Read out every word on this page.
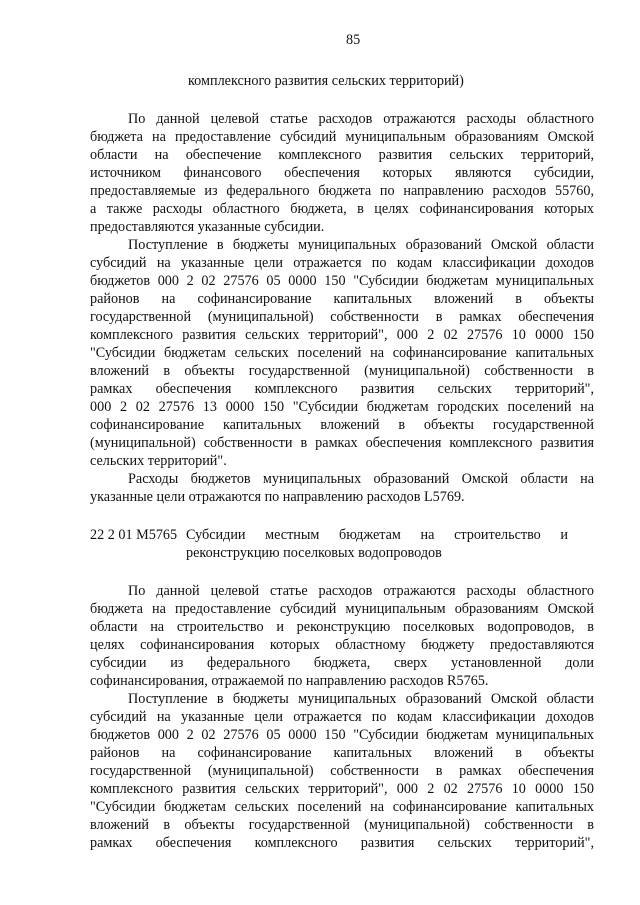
85
комплексного развития сельских территорий)
По данной целевой статье расходов отражаются расходы областного
бюджета на предоставление субсидий муниципальным образованиям Омской
области на обеспечение комплексного развития сельских территорий,
источником финансового обеспечения которых являются субсидии,
предоставляемые из федерального бюджета по направлению расходов 55760,
а также расходы областного бюджета, в целях софинансирования которых
предоставляются указанные субсидии.
Поступление в бюджеты муниципальных образований Омской области
субсидий на указанные цели отражается по кодам классификации доходов
бюджетов 000 2 02 27576 05 0000 150 "Субсидии бюджетам муниципальных
районов на софинансирование капитальных вложений в объекты
государственной (муниципальной) собственности в рамках обеспечения
комплексного развития сельских территорий", 000 2 02 27576 10 0000 150
"Субсидии бюджетам сельских поселений на софинансирование капитальных
вложений в объекты государственной (муниципальной) собственности в
рамках обеспечения комплексного развития сельских территорий",
000 2 02 27576 13 0000 150 "Субсидии бюджетам городских поселений на
софинансирование капитальных вложений в объекты государственной
(муниципальной) собственности в рамках обеспечения комплексного развития
сельских территорий".
Расходы бюджетов муниципальных образований Омской области на
указанные цели отражаются по направлению расходов L5769.
22 2 01 M5765 Субсидии местным бюджетам на строительство и
реконструкцию поселковых водопроводов
По данной целевой статье расходов отражаются расходы областного
бюджета на предоставление субсидий муниципальным образованиям Омской
области на строительство и реконструкцию поселковых водопроводов, в
целях софинансирования которых областному бюджету предоставляются
субсидии из федерального бюджета, сверх установленной доли
софинансирования, отражаемой по направлению расходов R5765.
Поступление в бюджеты муниципальных образований Омской области
субсидий на указанные цели отражается по кодам классификации доходов
бюджетов 000 2 02 27576 05 0000 150 "Субсидии бюджетам муниципальных
районов на софинансирование капитальных вложений в объекты
государственной (муниципальной) собственности в рамках обеспечения
комплексного развития сельских территорий", 000 2 02 27576 10 0000 150
"Субсидии бюджетам сельских поселений на софинансирование капитальных
вложений в объекты государственной (муниципальной) собственности в
рамках обеспечения комплексного развития сельских территорий",
